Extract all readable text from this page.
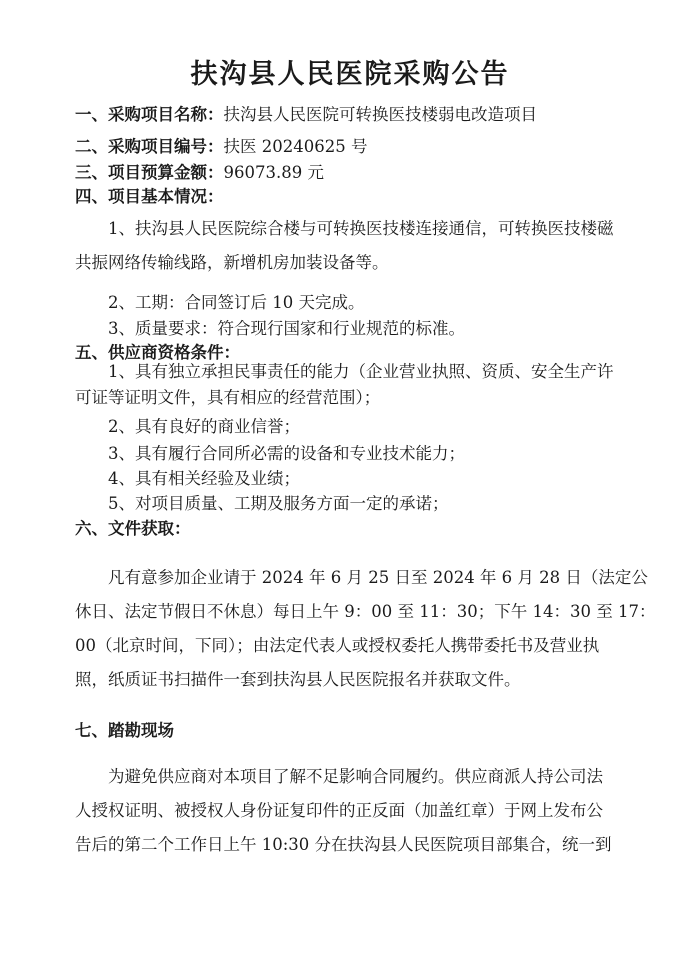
扶沟县人民医院采购公告
一、采购项目名称：扶沟县人民医院可转换医技楼弱电改造项目
二、采购项目编号：扶医 20240625 号
三、项目预算金额：96073.89 元
四、项目基本情况：
1、扶沟县人民医院综合楼与可转换医技楼连接通信，可转换医技楼磁
共振网络传输线路，新增机房加装设备等。
2、工期：合同签订后 10 天完成。
3、质量要求：符合现行国家和行业规范的标准。
五、供应商资格条件：
1、具有独立承担民事责任的能力（企业营业执照、资质、安全生产许
可证等证明文件，具有相应的经营范围）；
2、具有良好的商业信誉；
3、具有履行合同所必需的设备和专业技术能力；
4、具有相关经验及业绩；
5、对项目质量、工期及服务方面一定的承诺；
六、文件获取：
凡有意参加企业请于 2024 年 6 月 25 日至 2024 年 6 月 28 日（法定公
休日、法定节假日不休息）每日上午 9：00 至 11：30；下午 14：30 至 17：
00（北京时间，下同）；由法定代表人或授权委托人携带委托书及营业执
照，纸质证书扫描件一套到扶沟县人民医院报名并获取文件。
七、踏勘现场
为避免供应商对本项目了解不足影响合同履约。供应商派人持公司法
人授权证明、被授权人身份证复印件的正反面（加盖红章）于网上发布公
告后的第二个工作日上午 10:30 分在扶沟县人民医院项目部集合，统一到
